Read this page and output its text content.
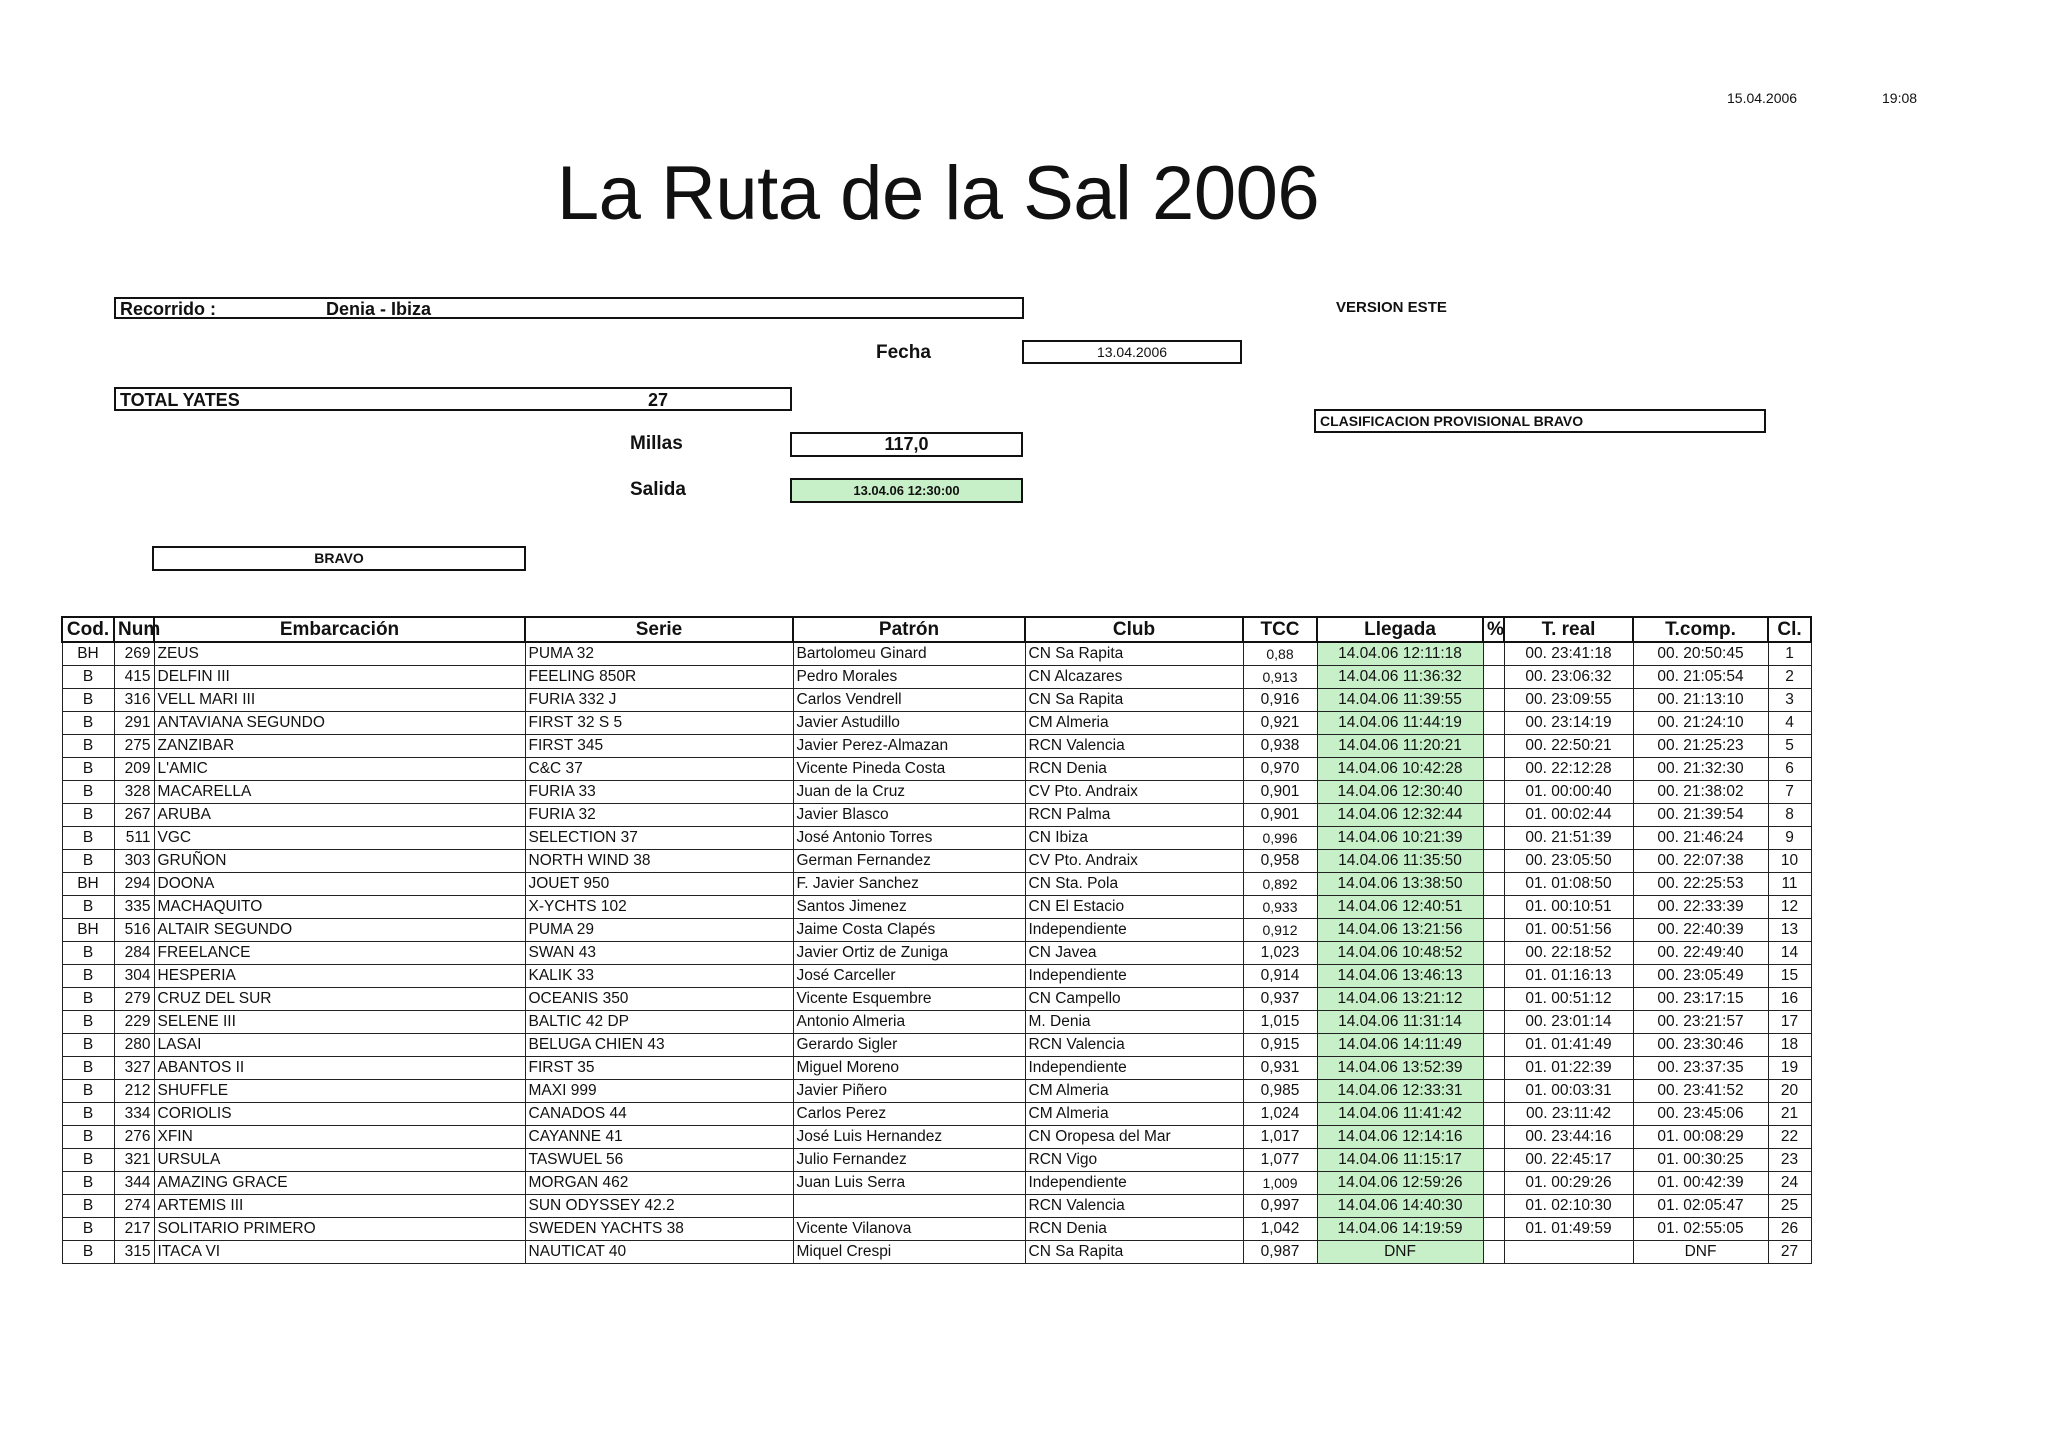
15.04.2006	19:08
La Ruta de la Sal 2006
Recorrido :	Denia - Ibiza	VERSION ESTE
Fecha	13.04.2006
TOTAL YATES	27
CLASIFICACION PROVISIONAL BRAVO
Millas	117,0
Salida	13.04.06 12:30:00
BRAVO
Cod.	Num	Embarcación	Serie	Patrón	Club	TCC	Llegada	%	T. real	T.comp.	Cl.
BH	269	ZEUS	PUMA 32	Bartolomeu Ginard	CN Sa Rapita	0,88	14.04.06 12:11:18		00. 23:41:18	00. 20:50:45	1
B	415	DELFIN III	FEELING 850R	Pedro Morales	CN Alcazares	0,913	14.04.06 11:36:32		00. 23:06:32	00. 21:05:54	2
B	316	VELL MARI III	FURIA 332 J	Carlos Vendrell	CN Sa Rapita	0,916	14.04.06 11:39:55		00. 23:09:55	00. 21:13:10	3
B	291	ANTAVIANA SEGUNDO	FIRST 32 S 5	Javier Astudillo	CM Almeria	0,921	14.04.06 11:44:19		00. 23:14:19	00. 21:24:10	4
B	275	ZANZIBAR	FIRST 345	Javier Perez-Almazan	RCN Valencia	0,938	14.04.06 11:20:21		00. 22:50:21	00. 21:25:23	5
B	209	L'AMIC	C&C 37	Vicente Pineda Costa	RCN Denia	0,970	14.04.06 10:42:28		00. 22:12:28	00. 21:32:30	6
B	328	MACARELLA	FURIA 33	Juan de la Cruz	CV Pto. Andraix	0,901	14.04.06 12:30:40		01. 00:00:40	00. 21:38:02	7
B	267	ARUBA	FURIA 32	Javier Blasco	RCN Palma	0,901	14.04.06 12:32:44		01. 00:02:44	00. 21:39:54	8
B	511	VGC	SELECTION 37	José Antonio Torres	CN Ibiza	0,996	14.04.06 10:21:39		00. 21:51:39	00. 21:46:24	9
B	303	GRUÑON	NORTH WIND 38	German Fernandez	CV Pto. Andraix	0,958	14.04.06 11:35:50		00. 23:05:50	00. 22:07:38	10
BH	294	DOONA	JOUET 950	F. Javier Sanchez	CN Sta. Pola	0,892	14.04.06 13:38:50		01. 01:08:50	00. 22:25:53	11
B	335	MACHAQUITO	X-YCHTS 102	Santos Jimenez	CN El Estacio	0,933	14.04.06 12:40:51		01. 00:10:51	00. 22:33:39	12
BH	516	ALTAIR SEGUNDO	PUMA 29	Jaime Costa Clapés	Independiente	0,912	14.04.06 13:21:56		01. 00:51:56	00. 22:40:39	13
B	284	FREELANCE	SWAN 43	Javier Ortiz de Zuniga	CN Javea	1,023	14.04.06 10:48:52		00. 22:18:52	00. 22:49:40	14
B	304	HESPERIA	KALIK 33	José Carceller	Independiente	0,914	14.04.06 13:46:13		01. 01:16:13	00. 23:05:49	15
B	279	CRUZ DEL SUR	OCEANIS 350	Vicente Esquembre	CN Campello	0,937	14.04.06 13:21:12		01. 00:51:12	00. 23:17:15	16
B	229	SELENE III	BALTIC 42 DP	Antonio Almeria	M. Denia	1,015	14.04.06 11:31:14		00. 23:01:14	00. 23:21:57	17
B	280	LASAI	BELUGA CHIEN 43	Gerardo Sigler	RCN Valencia	0,915	14.04.06 14:11:49		01. 01:41:49	00. 23:30:46	18
B	327	ABANTOS II	FIRST 35	Miguel Moreno	Independiente	0,931	14.04.06 13:52:39		01. 01:22:39	00. 23:37:35	19
B	212	SHUFFLE	MAXI 999	Javier Piñero	CM Almeria	0,985	14.04.06 12:33:31		01. 00:03:31	00. 23:41:52	20
B	334	CORIOLIS	CANADOS 44	Carlos Perez	CM Almeria	1,024	14.04.06 11:41:42		00. 23:11:42	00. 23:45:06	21
B	276	XFIN	CAYANNE 41	José Luis Hernandez	CN Oropesa del Mar	1,017	14.04.06 12:14:16		00. 23:44:16	01. 00:08:29	22
B	321	URSULA	TASWUEL 56	Julio Fernandez	RCN Vigo	1,077	14.04.06 11:15:17		00. 22:45:17	01. 00:30:25	23
B	344	AMAZING GRACE	MORGAN 462	Juan Luis Serra	Independiente	1,009	14.04.06 12:59:26		01. 00:29:26	01. 00:42:39	24
B	274	ARTEMIS III	SUN ODYSSEY 42.2		RCN Valencia	0,997	14.04.06 14:40:30		01. 02:10:30	01. 02:05:47	25
B	217	SOLITARIO PRIMERO	SWEDEN YACHTS 38	Vicente Vilanova	RCN Denia	1,042	14.04.06 14:19:59		01. 01:49:59	01. 02:55:05	26
B	315	ITACA VI	NAUTICAT 40	Miquel Crespi	CN Sa Rapita	0,987	DNF			DNF	27
